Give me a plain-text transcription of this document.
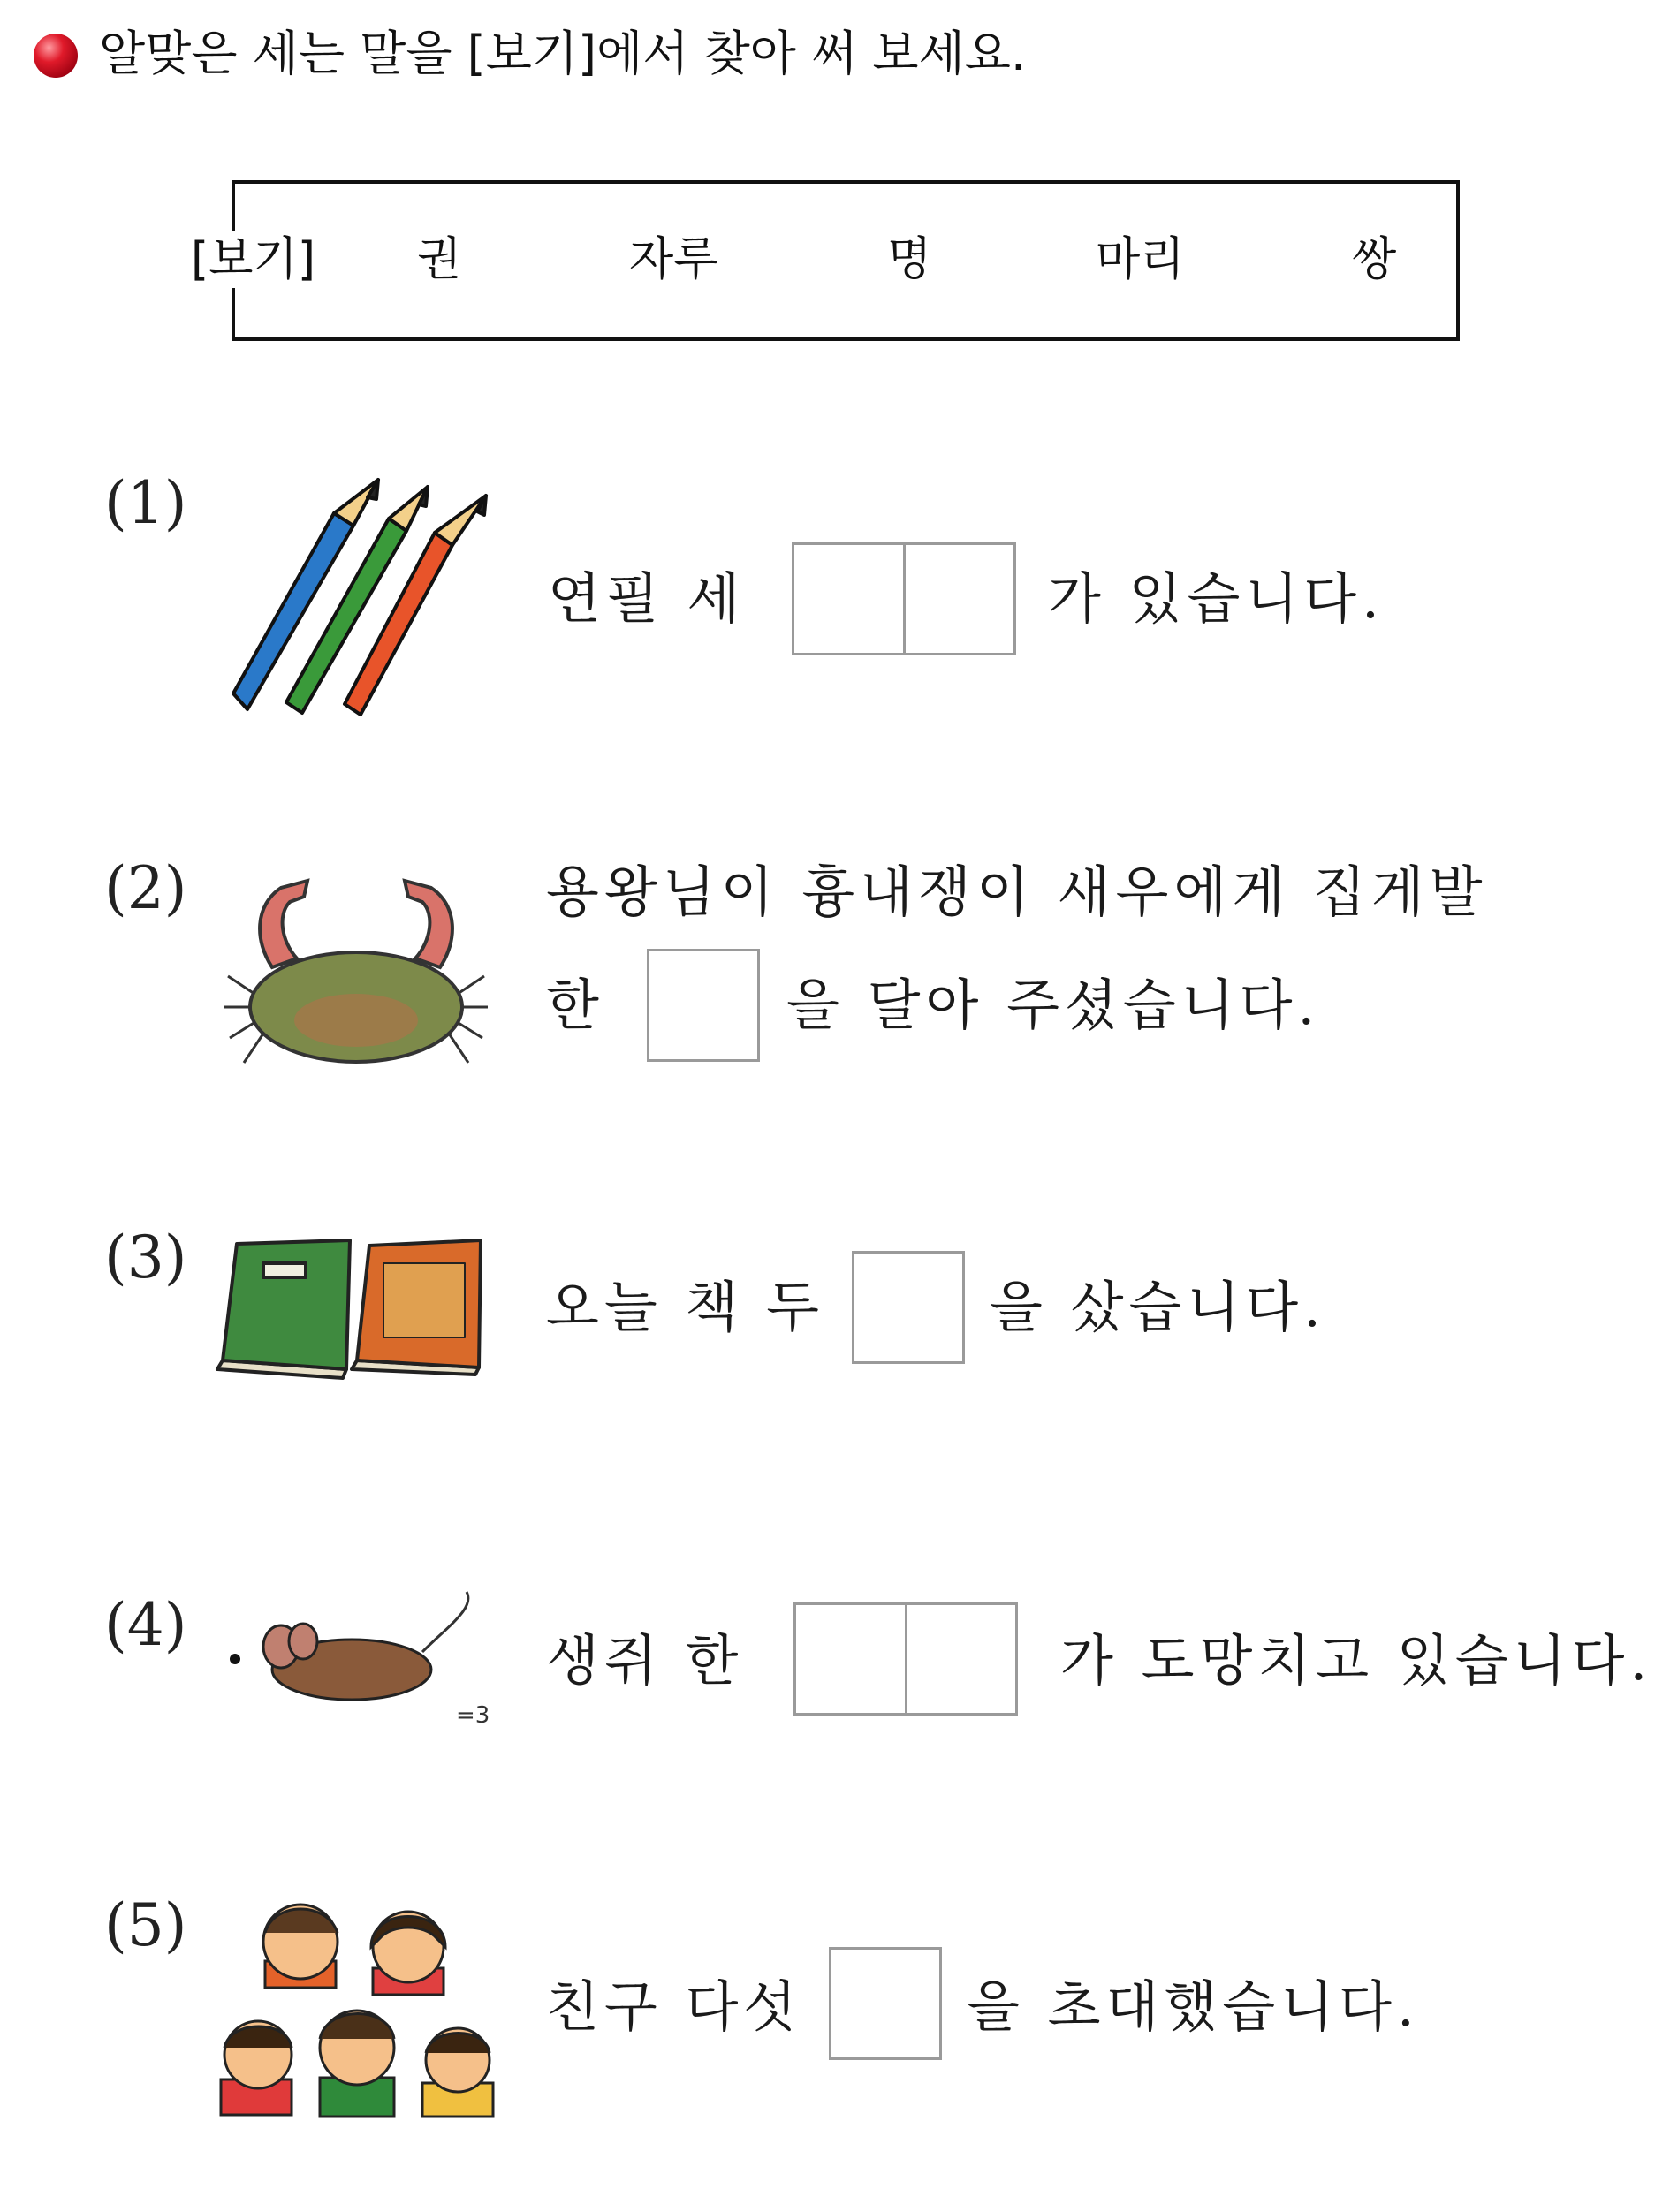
알맞은 세는 말을 [보기]에서 찾아 써 보세요.
[보기] 권	자루	명	마리	쌍
(1)
연필 세	가 있습니다.
(2)	용왕님이 흉내쟁이 새우에게 집게발
한	을 달아 주셨습니다.
(3)
오늘 책 두	을 샀습니다.
(4)
=3
생쥐 한	가 도망치고 있습니다.
(5)
친구 다섯	을 초대했습니다.
